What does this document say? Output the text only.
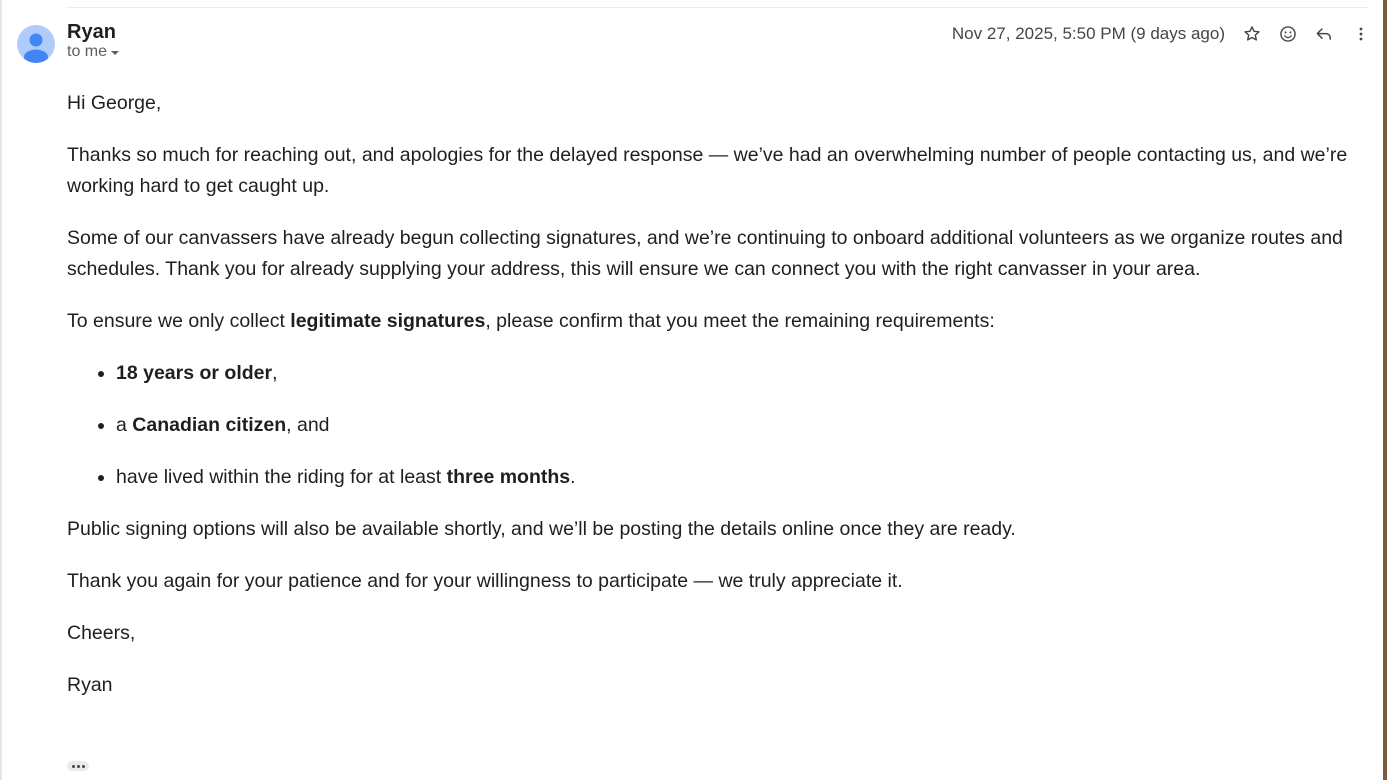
Ryan
to me
Nov 27, 2025, 5:50 PM (9 days ago)

Hi George,

Thanks so much for reaching out, and apologies for the delayed response — we’ve had an overwhelming number of people contacting us, and we’re working hard to get caught up.

Some of our canvassers have already begun collecting signatures, and we’re continuing to onboard additional volunteers as we organize routes and schedules. Thank you for already supplying your address, this will ensure we can connect you with the right canvasser in your area.

To ensure we only collect legitimate signatures, please confirm that you meet the remaining requirements:

• 18 years or older,
• a Canadian citizen, and
• have lived within the riding for at least three months.

Public signing options will also be available shortly, and we’ll be posting the details online once they are ready.

Thank you again for your patience and for your willingness to participate — we truly appreciate it.

Cheers,

Ryan
